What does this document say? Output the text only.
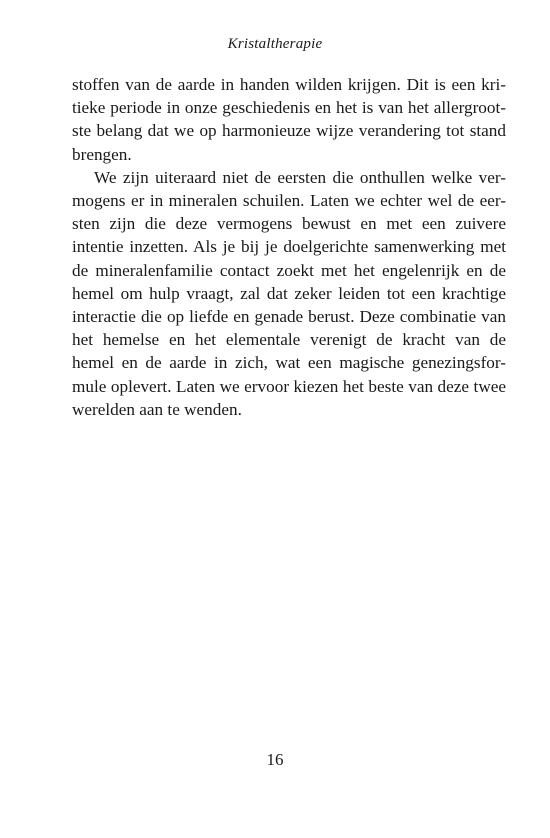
Kristaltherapie
stoffen van de aarde in handen wilden krijgen. Dit is een kri-
tieke periode in onze geschiedenis en het is van het allergroot-
ste belang dat we op harmonieuze wijze verandering tot stand
brengen.
We zijn uiteraard niet de eersten die onthullen welke ver-
mogens er in mineralen schuilen. Laten we echter wel de eer-
sten zijn die deze vermogens bewust en met een zuivere
intentie inzetten. Als je bij je doelgerichte samenwerking met
de mineralenfamilie contact zoekt met het engelenrijk en de
hemel om hulp vraagt, zal dat zeker leiden tot een krachtige
interactie die op liefde en genade berust. Deze combinatie van
het hemelse en het elementale verenigt de kracht van de
hemel en de aarde in zich, wat een magische genezingsfor-
mule oplevert. Laten we ervoor kiezen het beste van deze twee
werelden aan te wenden.
16
